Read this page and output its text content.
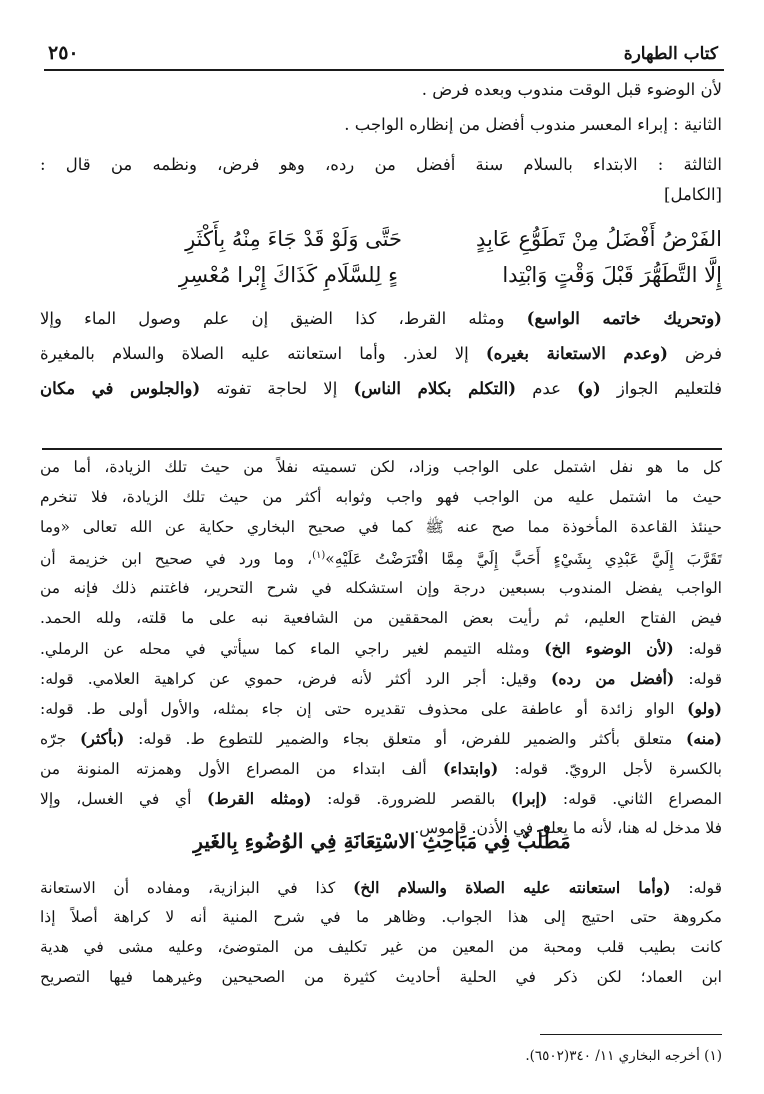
كتاب الطهارة
٢٥٠
لأن الوضوء قبل الوقت مندوب وبعده فرض .
الثانية : إبراء المعسر مندوب أفضل من إنظاره الواجب .
الثالثة : الابتداء بالسلام سنة أفضل من رده، وهو فرض، ونظمه من قال :
[الكامل]
الفَرْضُ أَفْضَلُ مِنْ تَطَوُّعِ عَابِدٍ
حَتَّى وَلَوْ قَدْ جَاءَ مِنْهُ بِأَكْثَرِ
إِلَّا التَّطَهُّرَ قَبْلَ وَقْتٍ وَابْتِدا
ءٍ لِلسَّلَامِ كَذَاكَ إِبْرا مُعْسِرِ
(وتحريك خاتمه الواسع) ومثله القرط، كذا الضيق إن علم وصول الماء وإلا
فرض (وعدم الاستعانة بغيره) إلا لعذر. وأما استعانته عليه الصلاة والسلام بالمغيرة
فلتعليم الجواز (و) عدم (التكلم بكلام الناس) إلا لحاجة تفوته (والجلوس في مكان
كل ما هو نفل اشتمل على الواجب وزاد، لكن تسميته نفلاً من حيث تلك الزيادة، أما من
حيث ما اشتمل عليه من الواجب فهو واجب وثوابه أكثر من حيث تلك الزيادة، فلا تنخرم
حينئذ القاعدة المأخوذة مما صح عنه ﷺ كما في صحيح البخاري حكاية عن الله تعالى «وما
تَقَرَّبَ إِلَيَّ عَبْدِي بِشَيْءٍ أَحَبَّ إِلَيَّ مِمَّا افْتَرَضْتُ عَلَيْهِ»$^{(١)}$، وما ورد في صحيح ابن خزيمة أن
الواجب يفضل المندوب بسبعين درجة وإن استشكله في شرح التحرير، فاغتنم ذلك فإنه من
فيض الفتاح العليم، ثم رأيت بعض المحققين من الشافعية نبه على ما قلته، ولله الحمد.
قوله: (لأن الوضوء الخ) ومثله التيمم لغير راجي الماء كما سيأتي في محله عن الرملي.
قوله: (أفضل من رده) وقيل: أجر الرد أكثر لأنه فرض، حموي عن كراهية العلامي. قوله:
(ولو) الواو زائدة أو عاطفة على محذوف تقديره حتى إن جاء بمثله، والأول أولى ط. قوله:
(منه) متعلق بأكثر والضمير للفرض، أو متعلق بجاء والضمير للتطوع ط. قوله: (بأكثر) جرّه
بالكسرة لأجل الرويّ. قوله: (وابتداء) ألف ابتداء من المصراع الأول وهمزته المنونة من
المصراع الثاني. قوله: (إبرا) بالقصر للضرورة. قوله: (ومثله القرط) أي في الغسل، وإلا
فلا مدخل له هنا، لأنه ما يعلق في الأذن. قاموس.
مَطْلَبٌ فِي مَبَاحِثِ الاسْتِعَانَةِ فِي الوُضُوءِ بِالغَيرِ
قوله: (وأما استعانته عليه الصلاة والسلام الخ) كذا في البزازية، ومفاده أن الاستعانة
مكروهة حتى احتيج إلى هذا الجواب. وظاهر ما في شرح المنية أنه لا كراهة أصلاً إذا
كانت بطيب قلب ومحبة من المعين من غير تكليف من المتوضئ، وعليه مشى في هدية
ابن العماد؛ لكن ذكر في الحلية أحاديث كثيرة من الصحيحين وغيرهما فيها التصريح
(١) أخرجه البخاري ١١/ ٣٤٠(٦٥٠٢).
